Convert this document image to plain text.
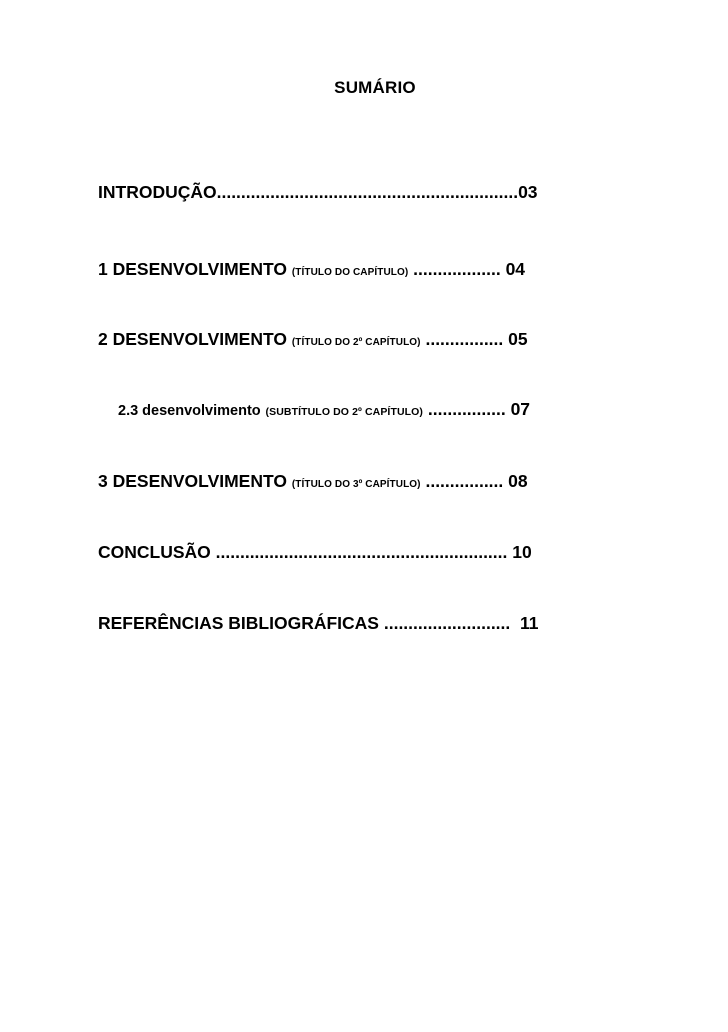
SUMÁRIO
INTRODUÇÃO..............................................................03
1 DESENVOLVIMENTO (TÍTULO DO CAPÍTULO) .................. 04
2 DESENVOLVIMENTO (TÍTULO DO 2º CAPÍTULO) ................ 05
2.3 desenvolvimento (SUBTÍTULO DO 2º CAPÍTULO) ................ 07
3 DESENVOLVIMENTO (TÍTULO DO 3º CAPÍTULO) ................ 08
CONCLUSÃO ............................................................ 10
REFERÊNCIAS BIBLIOGRÁFICAS .......................... 11
